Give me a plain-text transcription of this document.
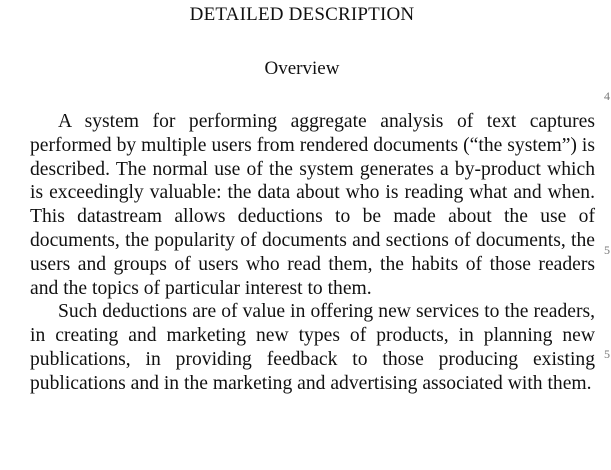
DETAILED DESCRIPTION
Overview

A system for performing aggregate analysis of text captures performed by multiple users from rendered documents (“the system”) is described. The normal use of the system generates a by-product which is exceedingly valuable: the data about who is reading what and when. This datastream allows deductions to be made about the use of documents, the popularity of documents and sections of documents, the users and groups of users who read them, the habits of those readers and the topics of particular interest to them.

Such deductions are of value in offering new services to the readers, in creating and marketing new types of products, in planning new publications, in providing feedback to those producing existing publications and in the marketing and advertising associated with them.

4
5
5
